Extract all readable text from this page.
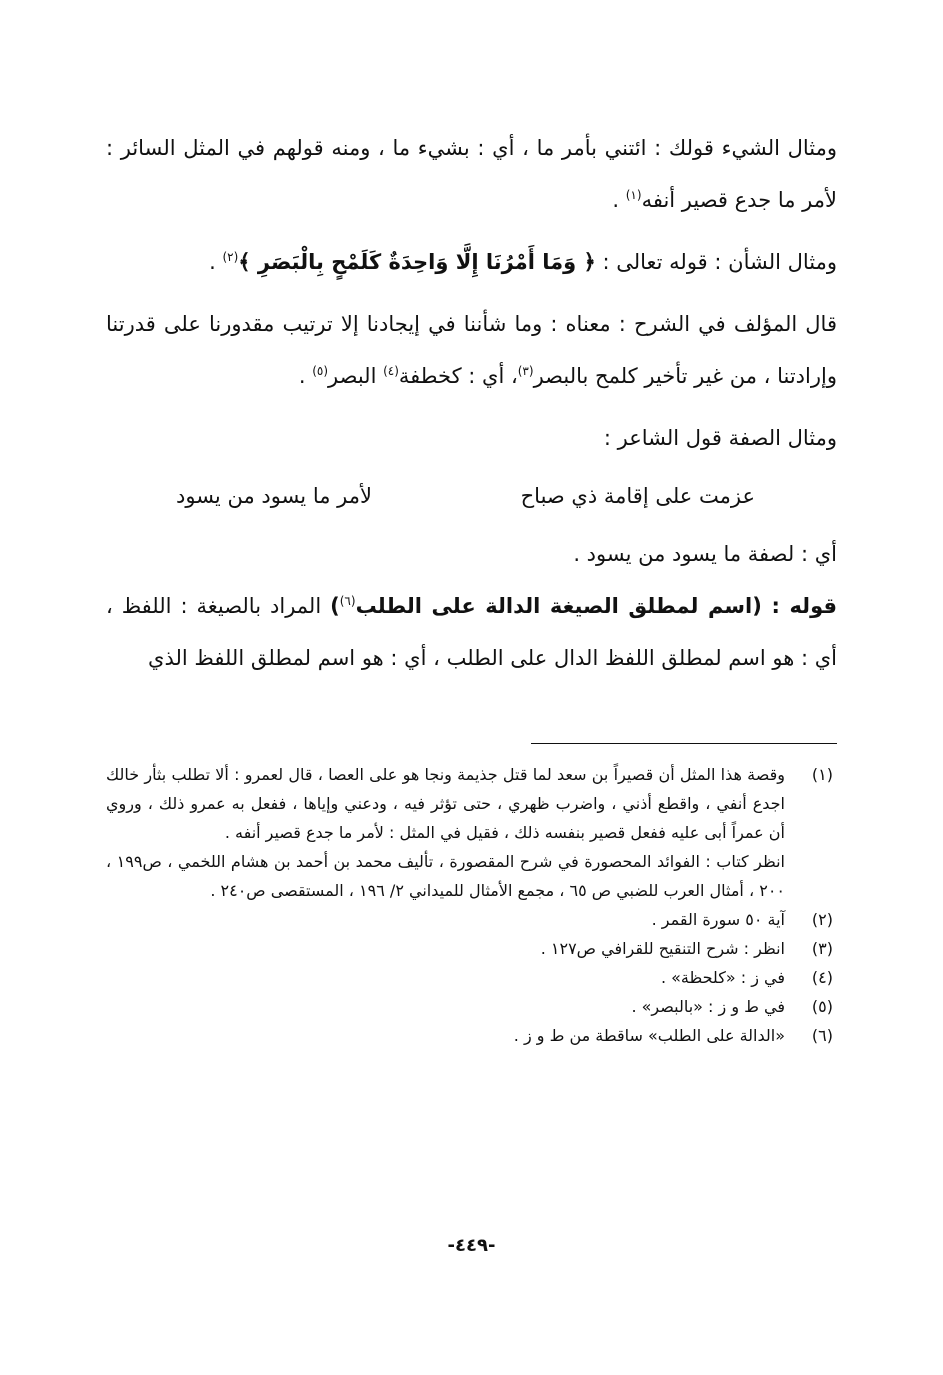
ومثال الشيء قولك : ائتني بأمر ما ، أي : بشيء ما ، ومنه قولهم في المثل السائر : لأمر ما جدع قصير أنفه$^{(١)}$ .

ومثال الشأن : قوله تعالى : ﴿ وَمَا أَمْرُنَا إِلَّا وَاحِدَةٌ كَلَمْحٍ بِالْبَصَرِ ﴾$^{(٢)}$ .

قال المؤلف في الشرح : معناه : وما شأننا في إيجادنا إلا ترتيب مقدورنا على قدرتنا وإرادتنا ، من غير تأخير كلمح بالبصر$^{(٣)}$، أي : كخطفة$^{(٤)}$ البصر$^{(٥)}$ .

ومثال الصفة قول الشاعر :

عزمت على إقامة ذي صباح
لأمر ما يسود من يسود

أي : لصفة ما يسود من يسود .

قوله : (اسم لمطلق الصيغة الدالة على الطلب$^{(٦)}$) المراد بالصيغة : اللفظ ، أي : هو اسم لمطلق اللفظ الدال على الطلب ، أي : هو اسم لمطلق اللفظ الذي

(١)
وقصة هذا المثل أن قصيراً بن سعد لما قتل جذيمة ونجا هو على العصا ، قال لعمرو : ألا تطلب بثأر خالك اجدع أنفي ، واقطع أذني ، واضرب ظهري ، حتى تؤثر فيه ، ودعني وإياها ، ففعل به عمرو ذلك ، وروي أن عمراً أبى عليه ففعل قصير بنفسه ذلك ، فقيل في المثل : لأمر ما جدع قصير أنفه .
انظر كتاب : الفوائد المحصورة في شرح المقصورة ، تأليف محمد بن أحمد بن هشام اللخمي ، ص١٩٩ ، ٢٠٠ ، أمثال العرب للضبي ص ٦٥ ، مجمع الأمثال للميداني ٢/ ١٩٦ ، المستقصى ص٢٤٠ .
(٢)
آية ٥٠ سورة القمر .
(٣)
انظر : شرح التنقيح للقرافي ص١٢٧ .
(٤)
في ز : «كلحظة» .
(٥)
في ط و ز : «بالبصر» .
(٦)
«الدالة على الطلب» ساقطة من ط و ز .
-٤٤٩-
